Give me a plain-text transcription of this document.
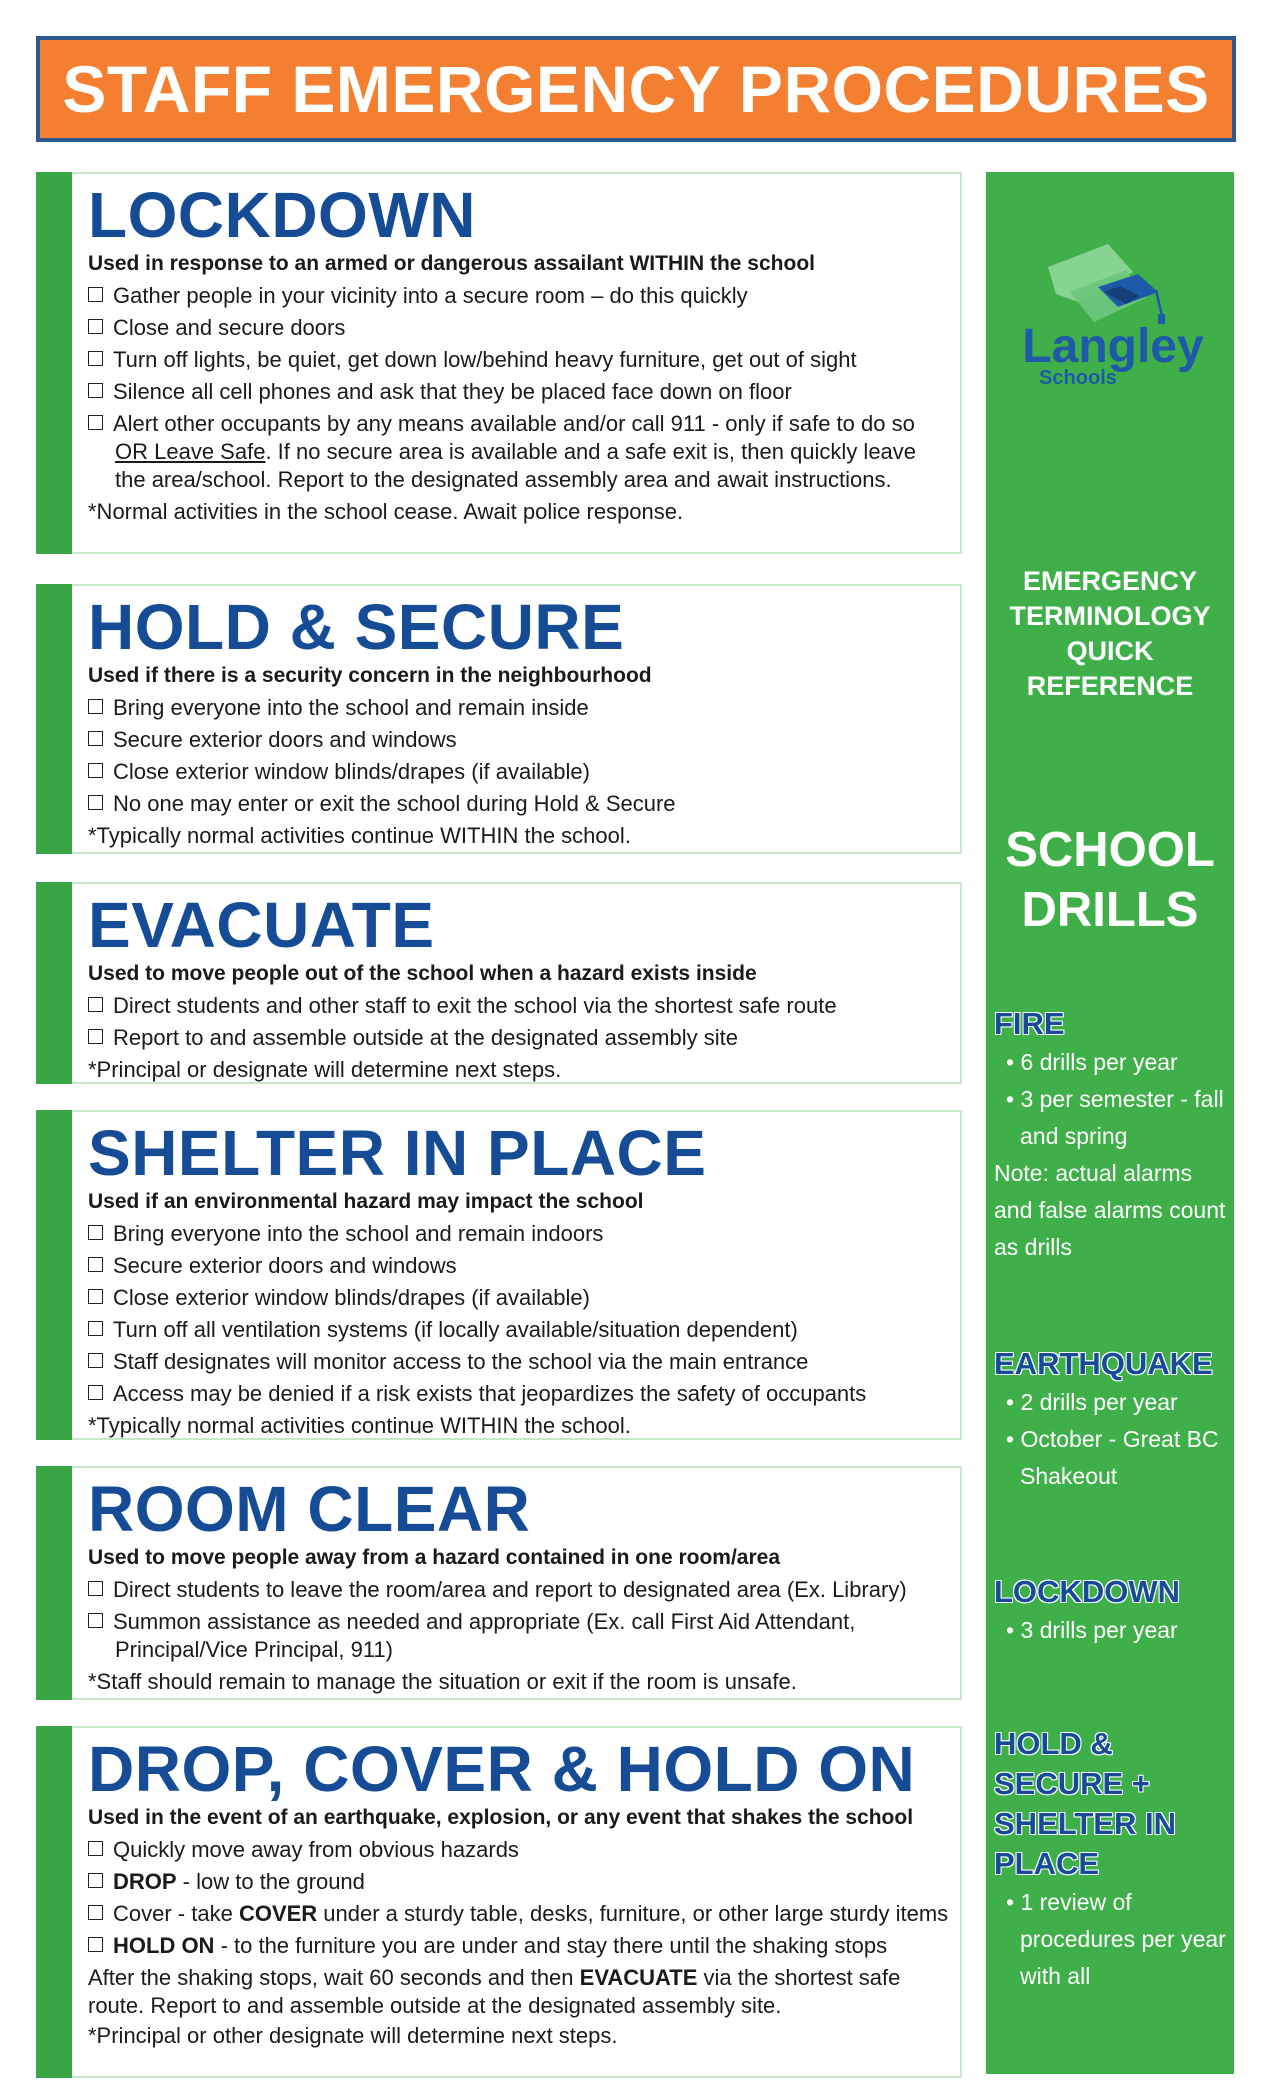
STAFF EMERGENCY PROCEDURES
LOCKDOWN
Used in response to an armed or dangerous assailant WITHIN the school
Gather people in your vicinity into a secure room – do this quickly
Close and secure doors
Turn off lights, be quiet, get down low/behind heavy furniture, get out of sight
Silence all cell phones and ask that they be placed face down on floor
Alert other occupants by any means available and/or call 911 - only if safe to do so OR Leave Safe. If no secure area is available and a safe exit is, then quickly leave the area/school. Report to the designated assembly area and await instructions.
*Normal activities in the school cease. Await police response.
HOLD & SECURE
Used if there is a security concern in the neighbourhood
Bring everyone into the school and remain inside
Secure exterior doors and windows
Close exterior window blinds/drapes (if available)
No one may enter or exit the school during Hold & Secure
*Typically normal activities continue WITHIN the school.
EVACUATE
Used to move people out of the school when a hazard exists inside
Direct students and other staff to exit the school via the shortest safe route
Report to and assemble outside at the designated assembly site
*Principal or designate will determine next steps.
SHELTER IN PLACE
Used if an environmental hazard may impact the school
Bring everyone into the school and remain indoors
Secure exterior doors and windows
Close exterior window blinds/drapes (if available)
Turn off all ventilation systems (if locally available/situation dependent)
Staff designates will monitor access to the school via the main entrance
Access may be denied if a risk exists that jeopardizes the safety of occupants
*Typically normal activities continue WITHIN the school.
ROOM CLEAR
Used to move people away from a hazard contained in one room/area
Direct students to leave the room/area and report to designated area (Ex. Library)
Summon assistance as needed and appropriate (Ex. call First Aid Attendant, Principal/Vice Principal, 911)
*Staff should remain to manage the situation or exit if the room is unsafe.
DROP, COVER & HOLD ON
Used in the event of an earthquake, explosion, or any event that shakes the school
Quickly move away from obvious hazards
DROP - low to the ground
Cover - take COVER under a sturdy table, desks, furniture, or other large sturdy items
HOLD ON - to the furniture you are under and stay there until the shaking stops
After the shaking stops, wait 60 seconds and then EVACUATE via the shortest safe route. Report to and assemble outside at the designated assembly site.
*Principal or other designate will determine next steps.
Langley
Schools
EMERGENCY
TERMINOLOGY
QUICK
REFERENCE
SCHOOL
DRILLS
FIRE
• 6 drills per year
• 3 per semester - fall and spring
Note: actual alarms and false alarms count as drills
EARTHQUAKE
• 2 drills per year
• October - Great BC Shakeout
LOCKDOWN
• 3 drills per year
HOLD & SECURE + SHELTER IN PLACE
• 1 review of procedures per year with all
